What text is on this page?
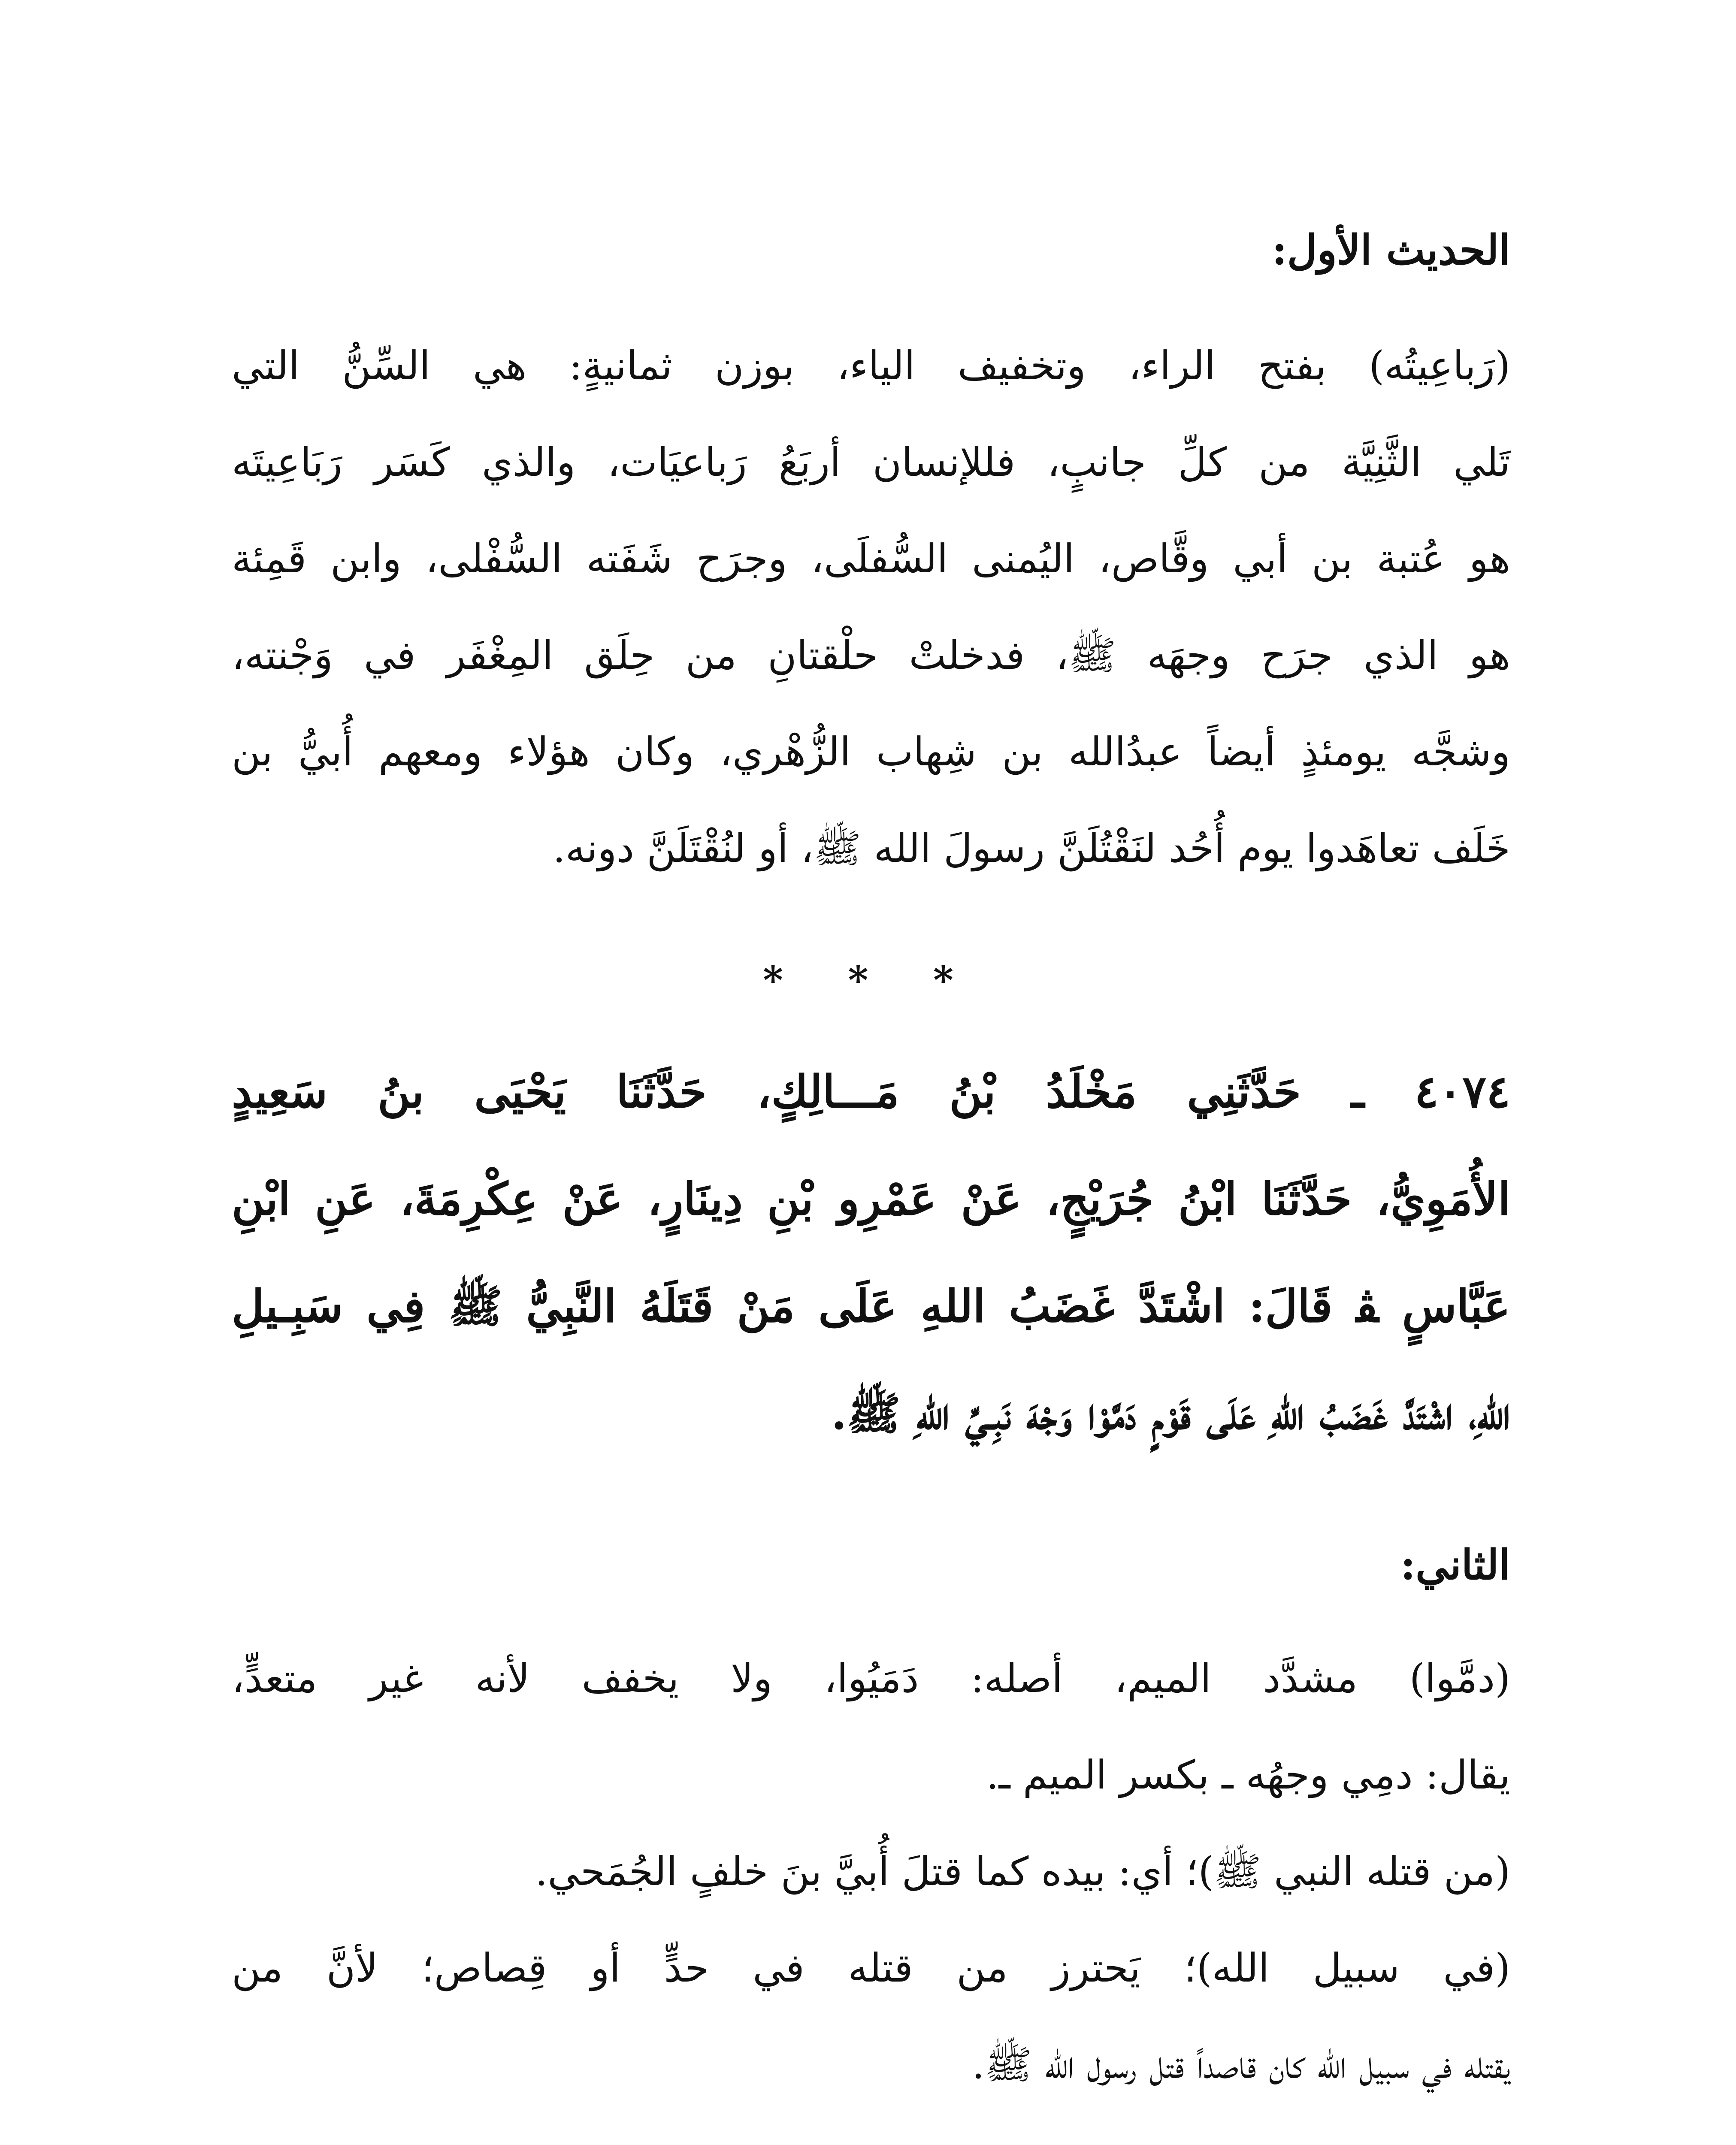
الحديث الأول:
(رَباعِيتُه) بفتح الراء، وتخفيف الياء، بوزن ثمانيةٍ: هي السِّنُّ التي
تَلي الثَّنِيَّة من كلِّ جانبٍ، فللإنسان أربَعُ رَباعيَات، والذي كَسَر رَبَاعِيتَه
هو عُتبة بن أبي وقَّاص، اليُمنى السُّفلَى، وجرَح شَفَته السُّفْلى، وابن قَمِئة
هو الذي جرَح وجهَه ﷺ، فدخلتْ حلْقتانِ من حِلَق المِغْفَر في وَجْنته،
وشجَّه يومئذٍ أيضاً عبدُالله بن شِهاب الزُّهْري، وكان هؤلاء ومعهم أُبيُّ بن
خَلَف تعاهَدوا يوم أُحُد لنَقْتُلَنَّ رسولَ الله ﷺ، أو لنُقْتَلَنَّ دونه.
* * *
٤٠٧٤ ـ حَدَّثَنِي مَخْلَدُ بْنُ مَـــالِكٍ، حَدَّثَنَا يَحْيَى بنُ سَعِيدٍ
الأُمَوِيُّ، حَدَّثَنَا ابْنُ جُرَيْجٍ، عَنْ عَمْرِو بْنِ دِينَارٍ، عَنْ عِكْرِمَةَ، عَنِ ابْنِ
عَبَّاسٍ ﭭ قَالَ: اشْتَدَّ غَضَبُ اللهِ عَلَى مَنْ قَتَلَهُ النَّبِيُّ ﷺ فِي سَبِـيلِ
اللهِ، اشْتَدَّ غَضَبُ اللهِ عَلَى قَوْمٍ دَمَّوْا وَجْهَ نَبِـيِّ اللهِ ﷺ.
الثاني:
(دمَّوا) مشدَّد الميم، أصله: دَمَيُوا، ولا يخفف لأنه غير متعدٍّ،
يقال: دمِي وجهُه ـ بكسر الميم ـ.
(من قتله النبي ﷺ)؛ أي: بيده كما قتلَ أُبيَّ بنَ خلفٍ الجُمَحي.
(في سبيل الله)؛ يَحترز من قتله في حدٍّ أو قِصاص؛ لأنَّ من
يقتله في سبيل الله كان قاصداً قتل رسول الله ﷺ.
